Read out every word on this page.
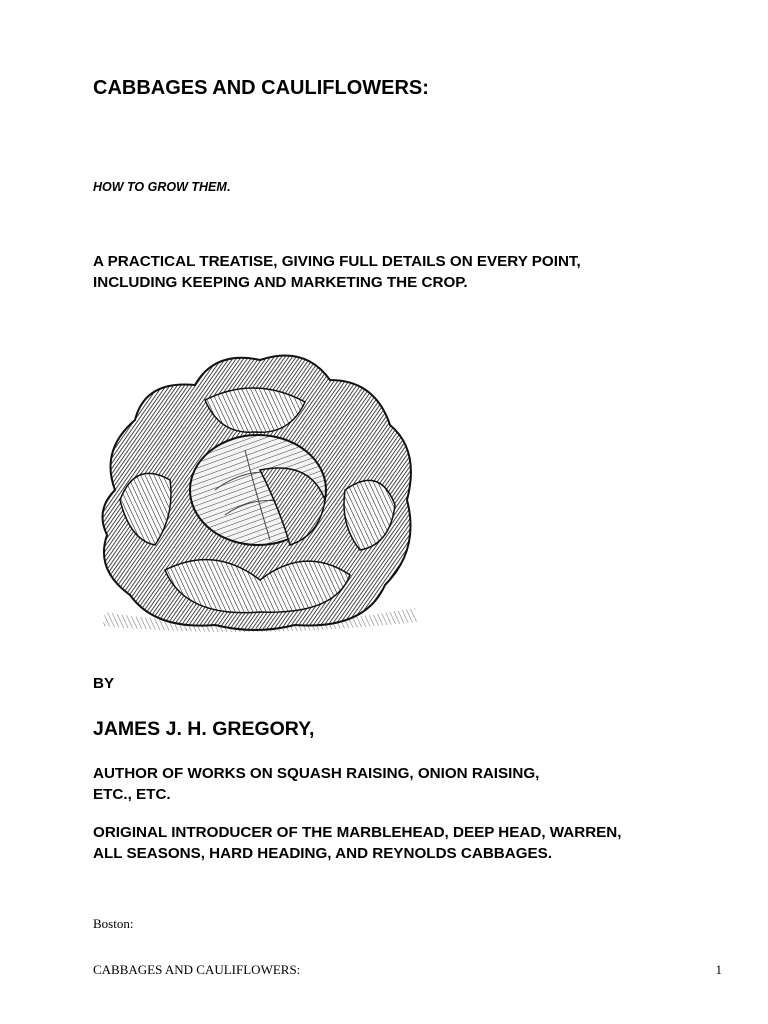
CABBAGES AND CAULIFLOWERS:
HOW TO GROW THEM.
A PRACTICAL TREATISE, GIVING FULL DETAILS ON EVERY POINT,
INCLUDING KEEPING AND MARKETING THE CROP.
BY
JAMES J. H. GREGORY,
AUTHOR OF WORKS ON SQUASH RAISING, ONION RAISING,
ETC., ETC.
ORIGINAL INTRODUCER OF THE MARBLEHEAD, DEEP HEAD, WARREN,
ALL SEASONS, HARD HEADING, AND REYNOLDS CABBAGES.
Boston:
CABBAGES AND CAULIFLOWERS:	1
